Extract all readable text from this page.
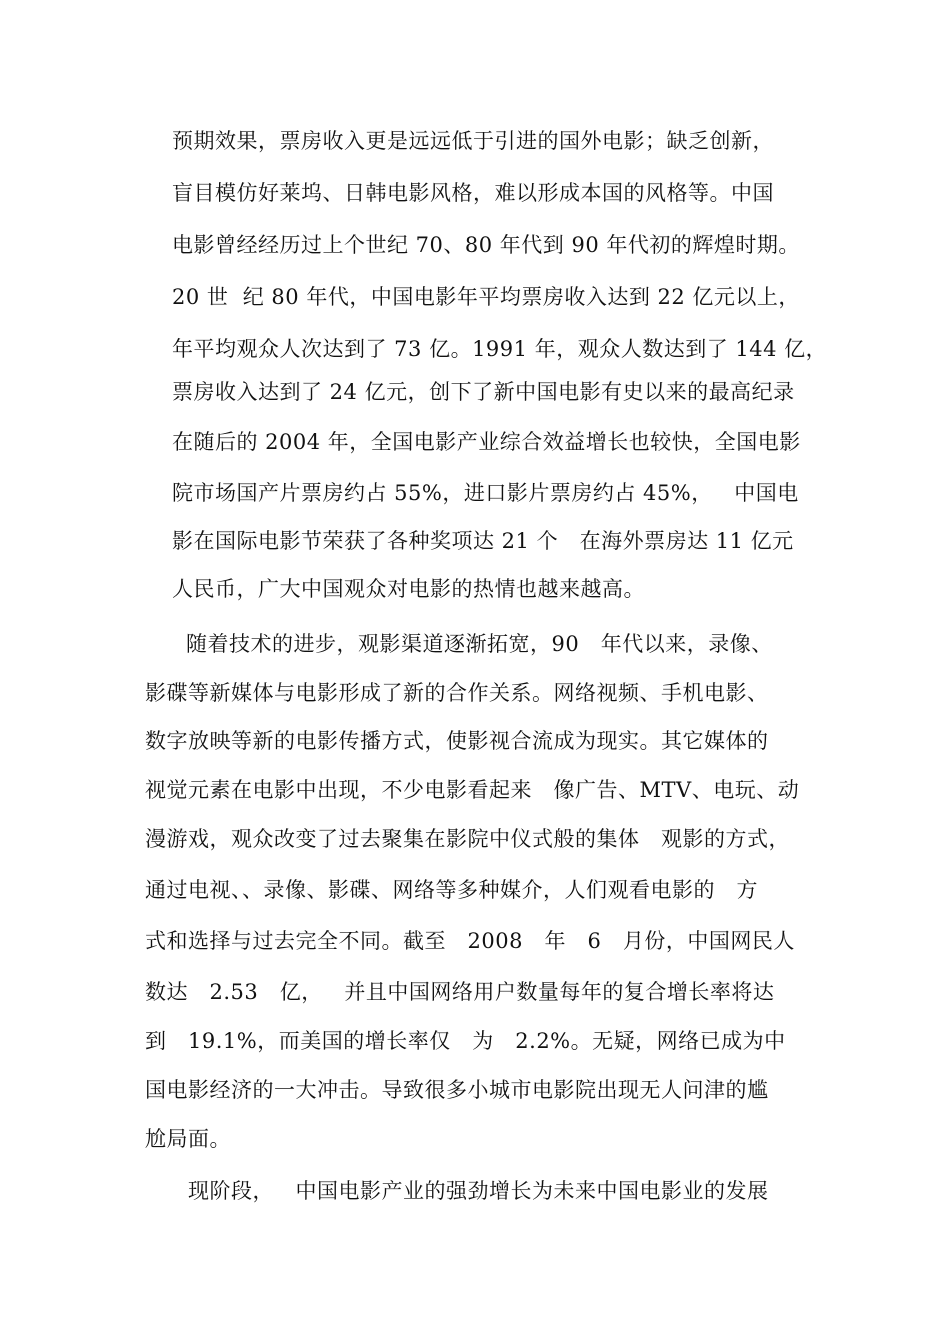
预期效果，票房收入更是远远低于引进的国外电影；缺乏创新，
盲目模仿好莱坞、日韩电影风格，难以形成本国的风格等。中国
电影曾经经历过上个世纪 70、80 年代到 90 年代初的辉煌时期。
20 世  纪 80 年代，中国电影年平均票房收入达到 22 亿元以上，
年平均观众人次达到了 73 亿。1991 年，观众人数达到了 144 亿，
票房收入达到了 24 亿元，创下了新中国电影有史以来的最高纪录
在随后的 2004 年，全国电影产业综合效益增长也较快，全国电影
院市场国产片票房约占 55%，进口影片票房约占 45%，   中国电
影在国际电影节荣获了各种奖项达 21 个   在海外票房达 11 亿元
人民币，广大中国观众对电影的热情也越来越高。
随着技术的进步，观影渠道逐渐拓宽，90   年代以来，录像、
影碟等新媒体与电影形成了新的合作关系。网络视频、手机电影、
数字放映等新的电影传播方式，使影视合流成为现实。其它媒体的
视觉元素在电影中出现，不少电影看起来   像广告、MTV、电玩、动
漫游戏，观众改变了过去聚集在影院中仪式般的集体   观影的方式，
通过电视、、录像、影碟、网络等多种媒介，人们观看电影的   方
式和选择与过去完全不同。截至   2008   年   6   月份，中国网民人
数达   2.53   亿，   并且中国网络用户数量每年的复合增长率将达
到   19.1%，而美国的增长率仅   为   2.2%。无疑，网络已成为中
国电影经济的一大冲击。导致很多小城市电影院出现无人问津的尴
尬局面。
现阶段，   中国电影产业的强劲增长为未来中国电影业的发展
